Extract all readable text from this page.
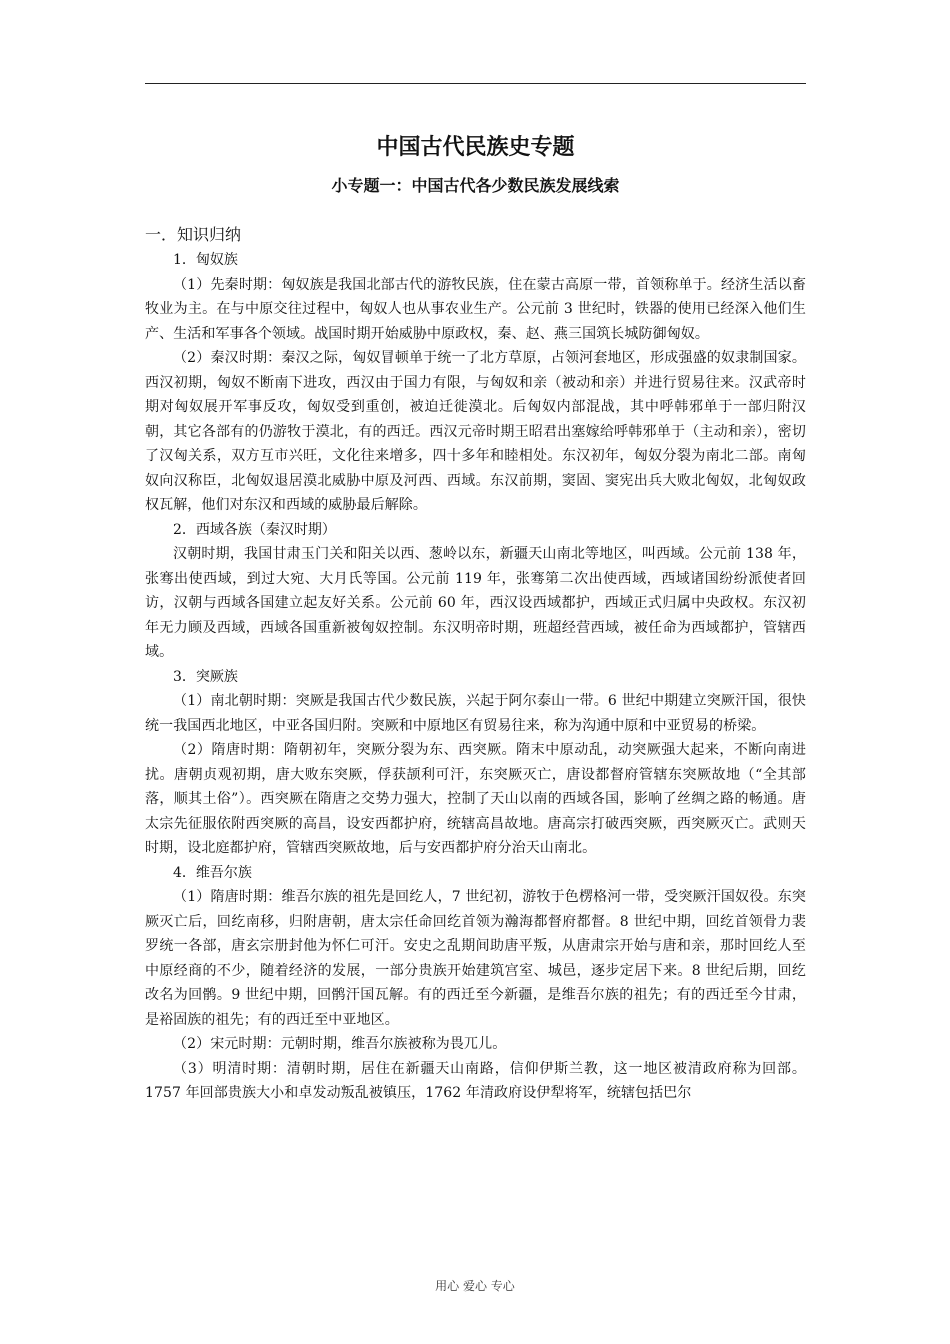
中国古代民族史专题
小专题一：中国古代各少数民族发展线索
一．知识归纳

1．匈奴族

（1）先秦时期：匈奴族是我国北部古代的游牧民族，住在蒙古高原一带，首领称单于。经济生活以畜牧业为主。在与中原交往过程中，匈奴人也从事农业生产。公元前 3 世纪时，铁器的使用已经深入他们生产、生活和军事各个领域。战国时期开始威胁中原政权，秦、赵、燕三国筑长城防御匈奴。

（2）秦汉时期：秦汉之际，匈奴冒顿单于统一了北方草原，占领河套地区，形成强盛的奴隶制国家。西汉初期，匈奴不断南下进攻，西汉由于国力有限，与匈奴和亲（被动和亲）并进行贸易往来。汉武帝时期对匈奴展开军事反攻，匈奴受到重创，被迫迁徙漠北。后匈奴内部混战，其中呼韩邪单于一部归附汉朝，其它各部有的仍游牧于漠北，有的西迁。西汉元帝时期王昭君出塞嫁给呼韩邪单于（主动和亲），密切了汉匈关系，双方互市兴旺，文化往来增多，四十多年和睦相处。东汉初年，匈奴分裂为南北二部。南匈奴向汉称臣，北匈奴退居漠北威胁中原及河西、西域。东汉前期，窦固、窦宪出兵大败北匈奴，北匈奴政权瓦解，他们对东汉和西域的威胁最后解除。

2．西域各族（秦汉时期）

汉朝时期，我国甘肃玉门关和阳关以西、葱岭以东，新疆天山南北等地区，叫西域。公元前 138 年，张骞出使西域，到过大宛、大月氏等国。公元前 119 年，张骞第二次出使西域，西域诸国纷纷派使者回访，汉朝与西域各国建立起友好关系。公元前 60 年，西汉设西域都护，西域正式归属中央政权。东汉初年无力顾及西域，西域各国重新被匈奴控制。东汉明帝时期，班超经营西域，被任命为西域都护，管辖西域。

3．突厥族

（1）南北朝时期：突厥是我国古代少数民族，兴起于阿尔泰山一带。6 世纪中期建立突厥汗国，很快统一我国西北地区，中亚各国归附。突厥和中原地区有贸易往来，称为沟通中原和中亚贸易的桥梁。

（2）隋唐时期：隋朝初年，突厥分裂为东、西突厥。隋末中原动乱，动突厥强大起来，不断向南进扰。唐朝贞观初期，唐大败东突厥，俘获颉利可汗，东突厥灭亡，唐设都督府管辖东突厥故地（“全其部落，顺其土俗”）。西突厥在隋唐之交势力强大，控制了天山以南的西域各国，影响了丝绸之路的畅通。唐太宗先征服依附西突厥的高昌，设安西都护府，统辖高昌故地。唐高宗打破西突厥，西突厥灭亡。武则天时期，设北庭都护府，管辖西突厥故地，后与安西都护府分治天山南北。

4．维吾尔族

（1）隋唐时期：维吾尔族的祖先是回纥人，7 世纪初，游牧于色楞格河一带，受突厥汗国奴役。东突厥灭亡后，回纥南移，归附唐朝，唐太宗任命回纥首领为瀚海都督府都督。8 世纪中期，回纥首领骨力裴罗统一各部，唐玄宗册封他为怀仁可汗。安史之乱期间助唐平叛，从唐肃宗开始与唐和亲，那时回纥人至中原经商的不少，随着经济的发展，一部分贵族开始建筑宫室、城邑，逐步定居下来。8 世纪后期，回纥改名为回鹘。9 世纪中期，回鹘汗国瓦解。有的西迁至今新疆，是维吾尔族的祖先；有的西迁至今甘肃，是裕固族的祖先；有的西迁至中亚地区。

（2）宋元时期：元朝时期，维吾尔族被称为畏兀儿。

（3）明清时期：清朝时期，居住在新疆天山南路，信仰伊斯兰教，这一地区被清政府称为回部。1757 年回部贵族大小和卓发动叛乱被镇压，1762 年清政府设伊犁将军，统辖包括巴尔

用心 爱心 专心
